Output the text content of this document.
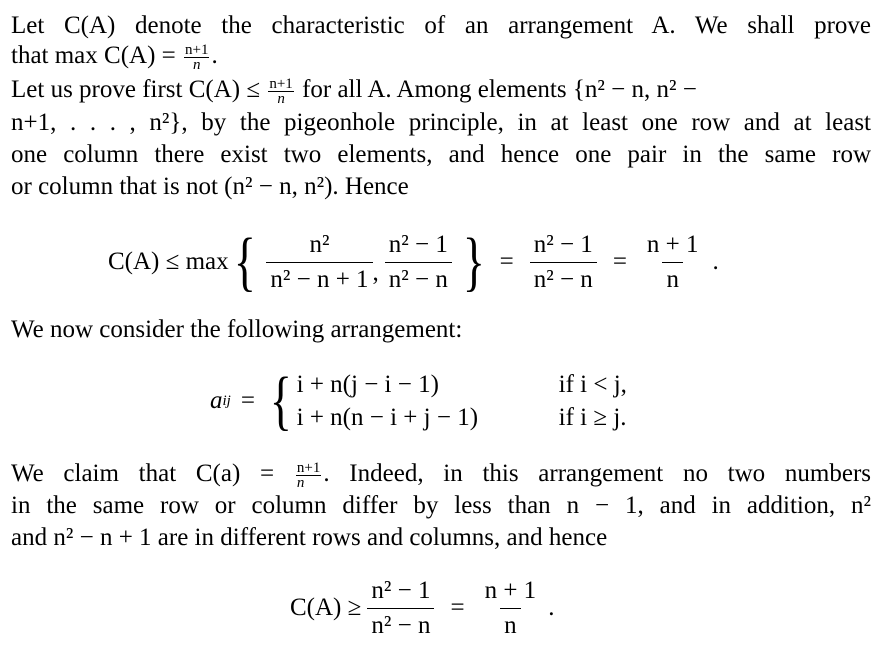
Let C(A) denote the characteristic of an arrangement A. We shall prove
that $\max C(A) = \frac{n+1}{n}$ .
Let us prove first $C(A) \le \frac{n+1}{n}$ for all A. Among elements {n² − n, n² −
n+1, . . . , n²}, by the pigeonhole principle, in at least one row and at least
one column there exist two elements, and hence one pair in the same row
or column that is not (n² − n, n²). Hence
C(A) ≤ max { $\frac{\text{n²}}{\text{n² − n + 1}}$ , $\frac{\text{n² − 1}}{\text{n² − n}}$ } = $\frac{\text{n² − 1}}{\text{n² − n}} = \frac{n + 1}{n}$ .
We now consider the following arrangement:
a ij = { i + n(j − i − 1)	if i < j,
i + n(n − i + j − 1)	if i ≥ j.
We claim that $C(a) = \frac{n+1}{n}$ . Indeed, in this arrangement no two numbers
in the same row or column differ by less than n − 1, and in addition, n²
and n² − n + 1 are in different rows and columns, and hence
$C(A) \ge \frac{\text{n² − 1}}{\text{n² − n}} = \frac{n + 1}{n}$ .
